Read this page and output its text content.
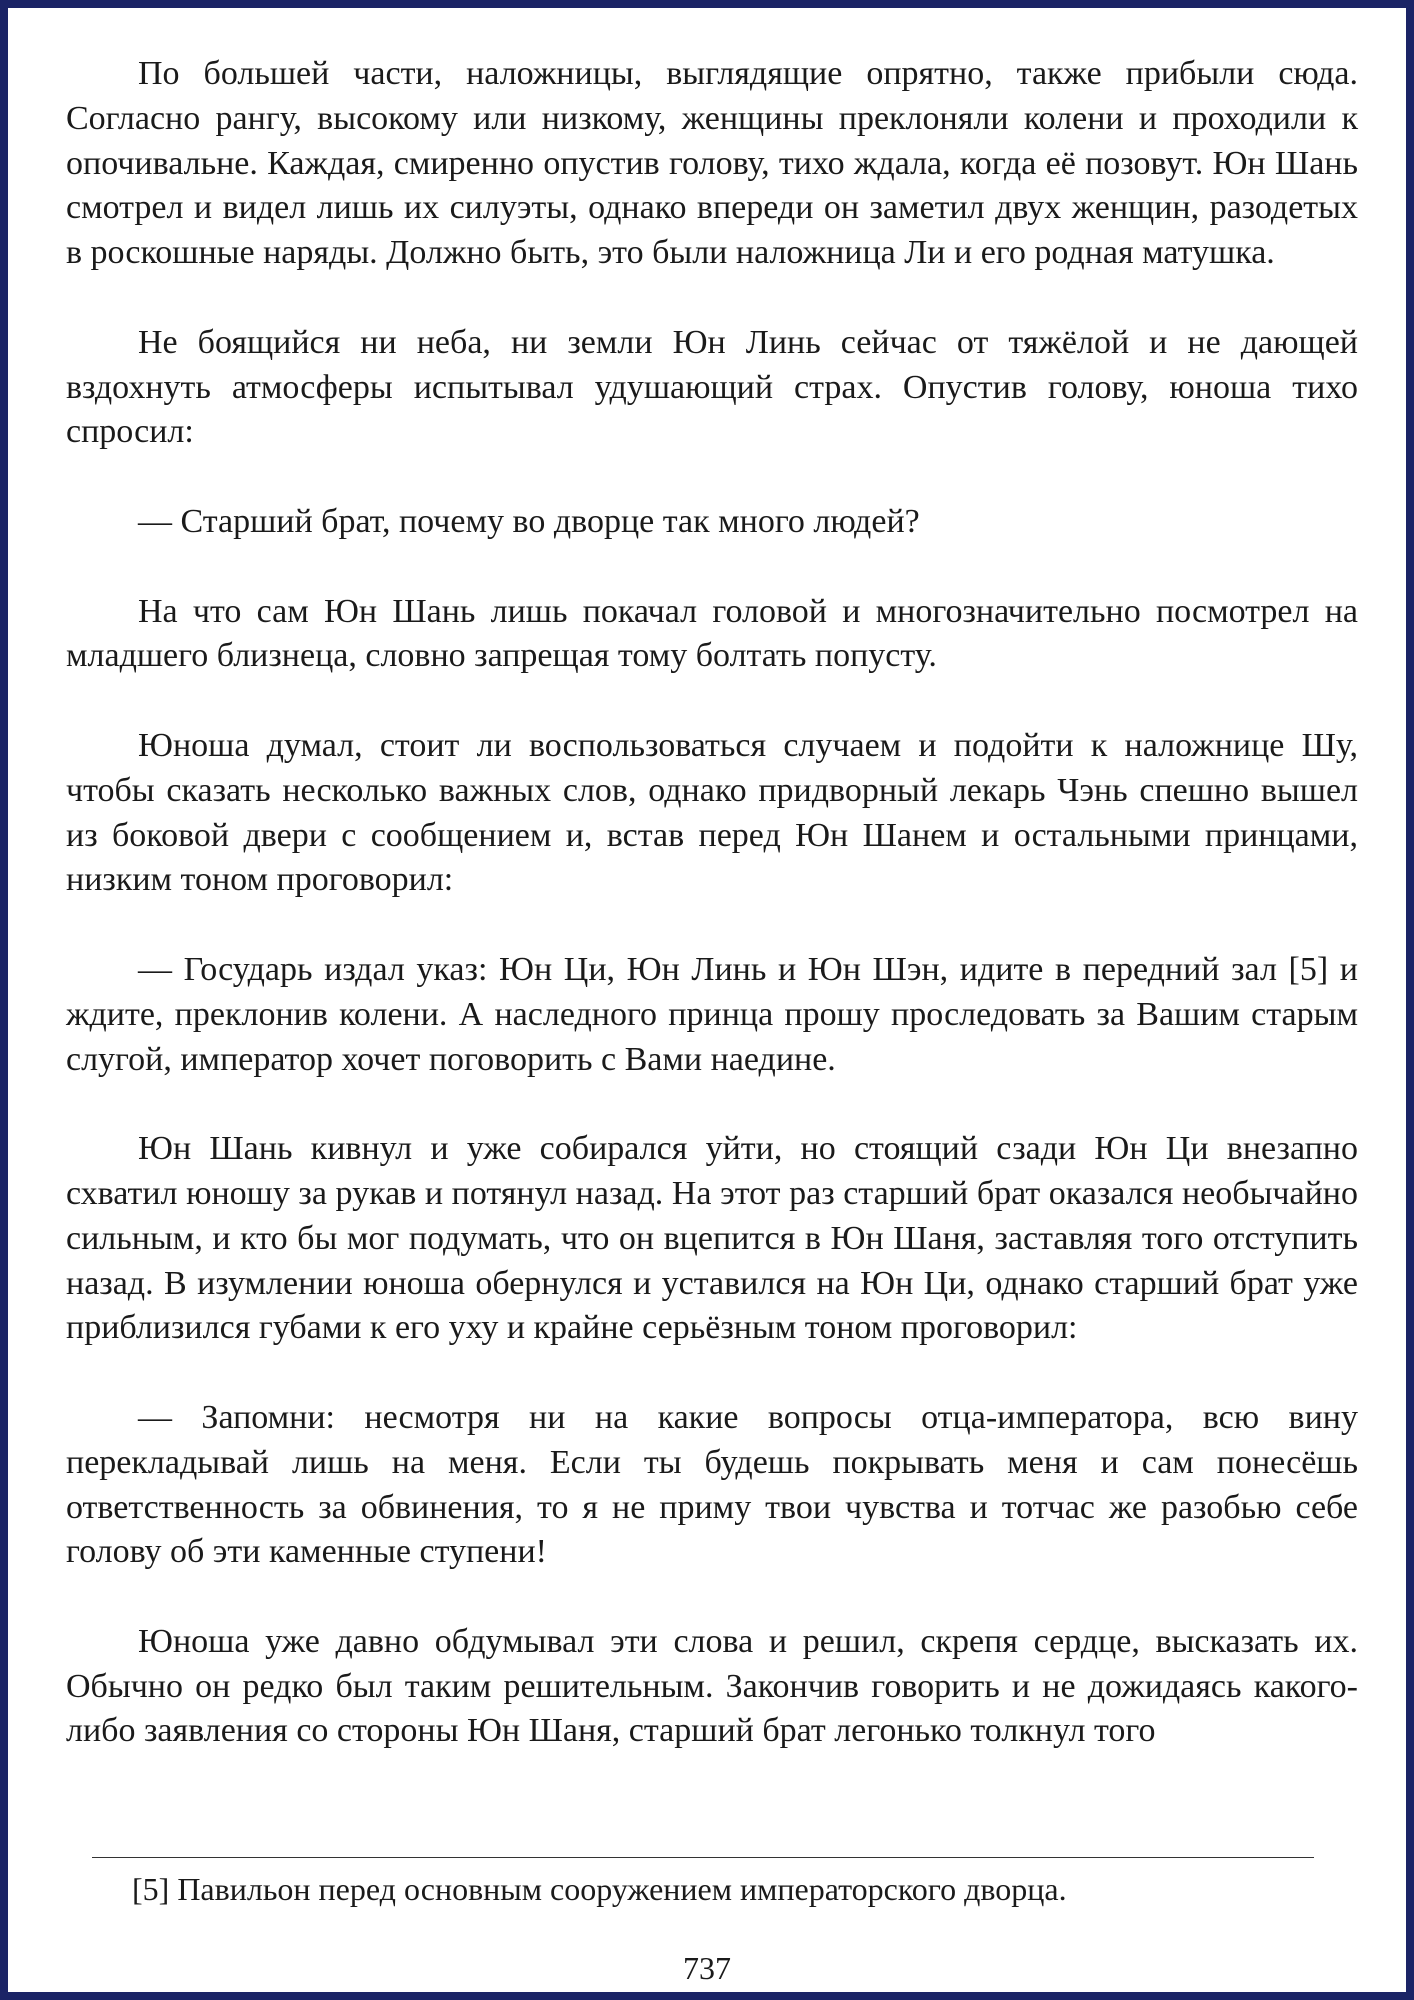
По большей части, наложницы, выглядящие опрятно, также прибыли сюда. Согласно рангу, высокому или низкому, женщины преклоняли колени и проходили к опочивальне. Каждая, смиренно опустив голову, тихо ждала, когда её позовут. Юн Шань смотрел и видел лишь их силуэты, однако впереди он заметил двух женщин, разодетых в роскошные наряды. Должно быть, это были наложница Ли и его родная матушка.

Не боящийся ни неба, ни земли Юн Линь сейчас от тяжёлой и не дающей вздохнуть атмосферы испытывал удушающий страх. Опустив голову, юноша тихо спросил:

— Старший брат, почему во дворце так много людей?

На что сам Юн Шань лишь покачал головой и многозначительно посмотрел на младшего близнеца, словно запрещая тому болтать попусту.

Юноша думал, стоит ли воспользоваться случаем и подойти к наложнице Шу, чтобы сказать несколько важных слов, однако придворный лекарь Чэнь спешно вышел из боковой двери с сообщением и, встав перед Юн Шанем и остальными принцами, низким тоном проговорил:

— Государь издал указ: Юн Ци, Юн Линь и Юн Шэн, идите в передний зал [5] и ждите, преклонив колени. А наследного принца прошу проследовать за Вашим старым слугой, император хочет поговорить с Вами наедине.

Юн Шань кивнул и уже собирался уйти, но стоящий сзади Юн Ци внезапно схватил юношу за рукав и потянул назад. На этот раз старший брат оказался необычайно сильным, и кто бы мог подумать, что он вцепится в Юн Шаня, заставляя того отступить назад. В изумлении юноша обернулся и уставился на Юн Ци, однако старший брат уже приблизился губами к его уху и крайне серьёзным тоном проговорил:

— Запомни: несмотря ни на какие вопросы отца-императора, всю вину перекладывай лишь на меня. Если ты будешь покрывать меня и сам понесёшь ответственность за обвинения, то я не приму твои чувства и тотчас же разобью себе голову об эти каменные ступени!

Юноша уже давно обдумывал эти слова и решил, скрепя сердце, высказать их. Обычно он редко был таким решительным. Закончив говорить и не дожидаясь какого-либо заявления со стороны Юн Шаня, старший брат легонько толкнул того

[5] Павильон перед основным сооружением императорского дворца.

737
